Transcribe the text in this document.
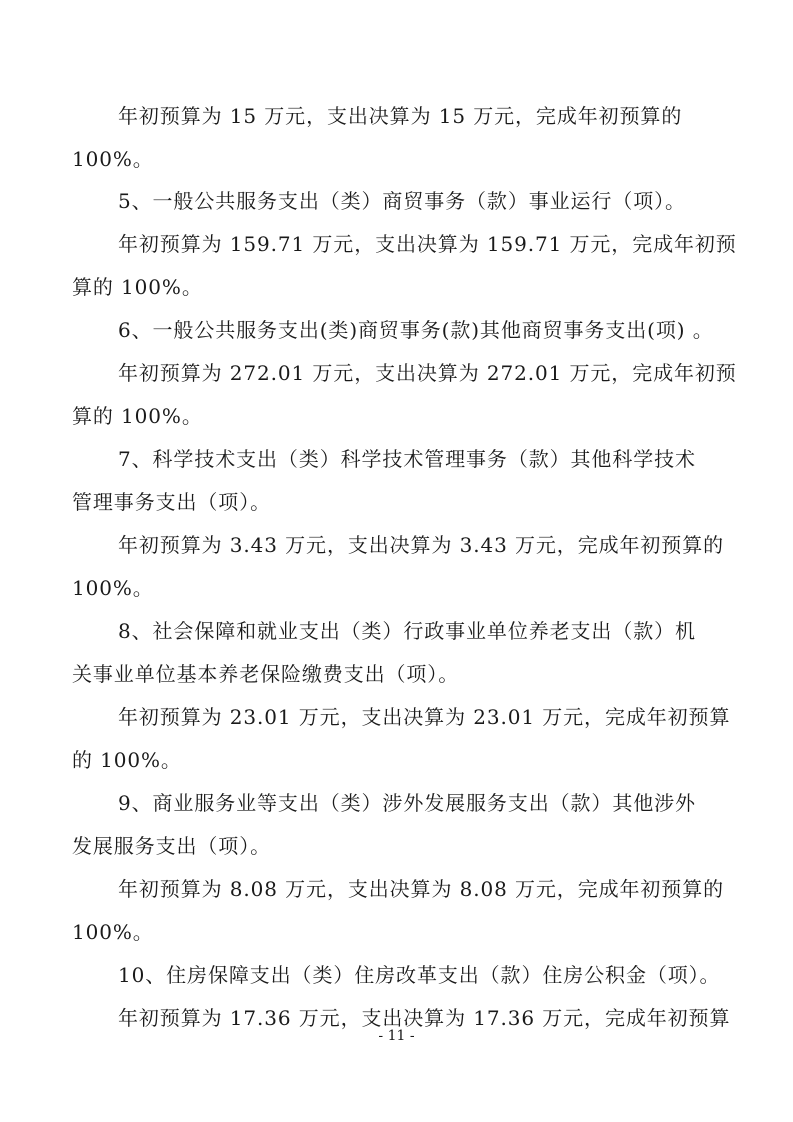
年初预算为 15 万元，支出决算为 15 万元，完成年初预算的
100%。
5、一般公共服务支出（类）商贸事务（款）事业运行（项）。
年初预算为 159.71 万元，支出决算为 159.71 万元，完成年初预
算的 100%。
6、一般公共服务支出(类)商贸事务(款)其他商贸事务支出(项) 。
年初预算为 272.01 万元，支出决算为 272.01 万元，完成年初预
算的 100%。
7、科学技术支出（类）科学技术管理事务（款）其他科学技术
管理事务支出（项）。
年初预算为 3.43 万元，支出决算为 3.43 万元，完成年初预算的
100%。
8、社会保障和就业支出（类）行政事业单位养老支出（款）机
关事业单位基本养老保险缴费支出（项）。
年初预算为 23.01 万元，支出决算为 23.01 万元，完成年初预算
的 100%。
9、商业服务业等支出（类）涉外发展服务支出（款）其他涉外
发展服务支出（项）。
年初预算为 8.08 万元，支出决算为 8.08 万元，完成年初预算的
100%。
10、住房保障支出（类）住房改革支出（款）住房公积金（项）。
年初预算为 17.36 万元，支出决算为 17.36 万元，完成年初预算
- 11 -
